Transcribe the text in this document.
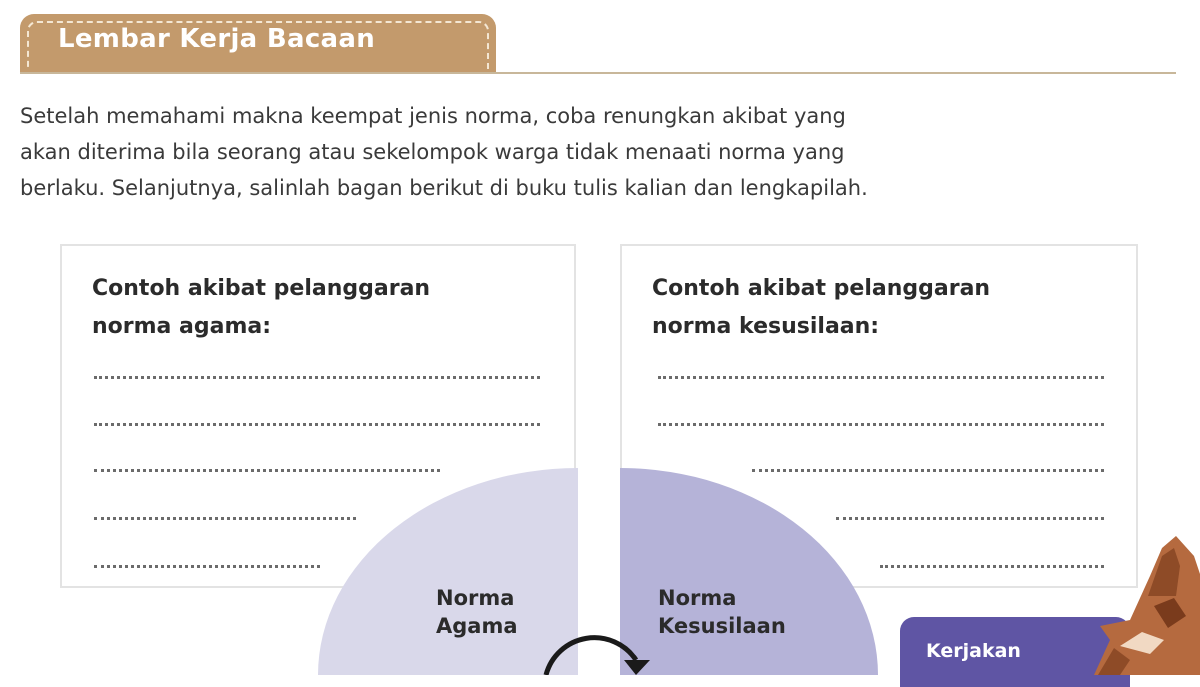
Lembar Kerja Bacaan

Setelah memahami makna keempat jenis norma, coba renungkan akibat yang
akan diterima bila seorang atau sekelompok warga tidak menaati norma yang
berlaku. Selanjutnya, salinlah bagan berikut di buku tulis kalian dan lengkapilah.

Contoh akibat pelanggaran
norma agama:

Contoh akibat pelanggaran
norma kesusilaan:

Norma
Agama
Norma
Kesusilaan
Kerjakan
